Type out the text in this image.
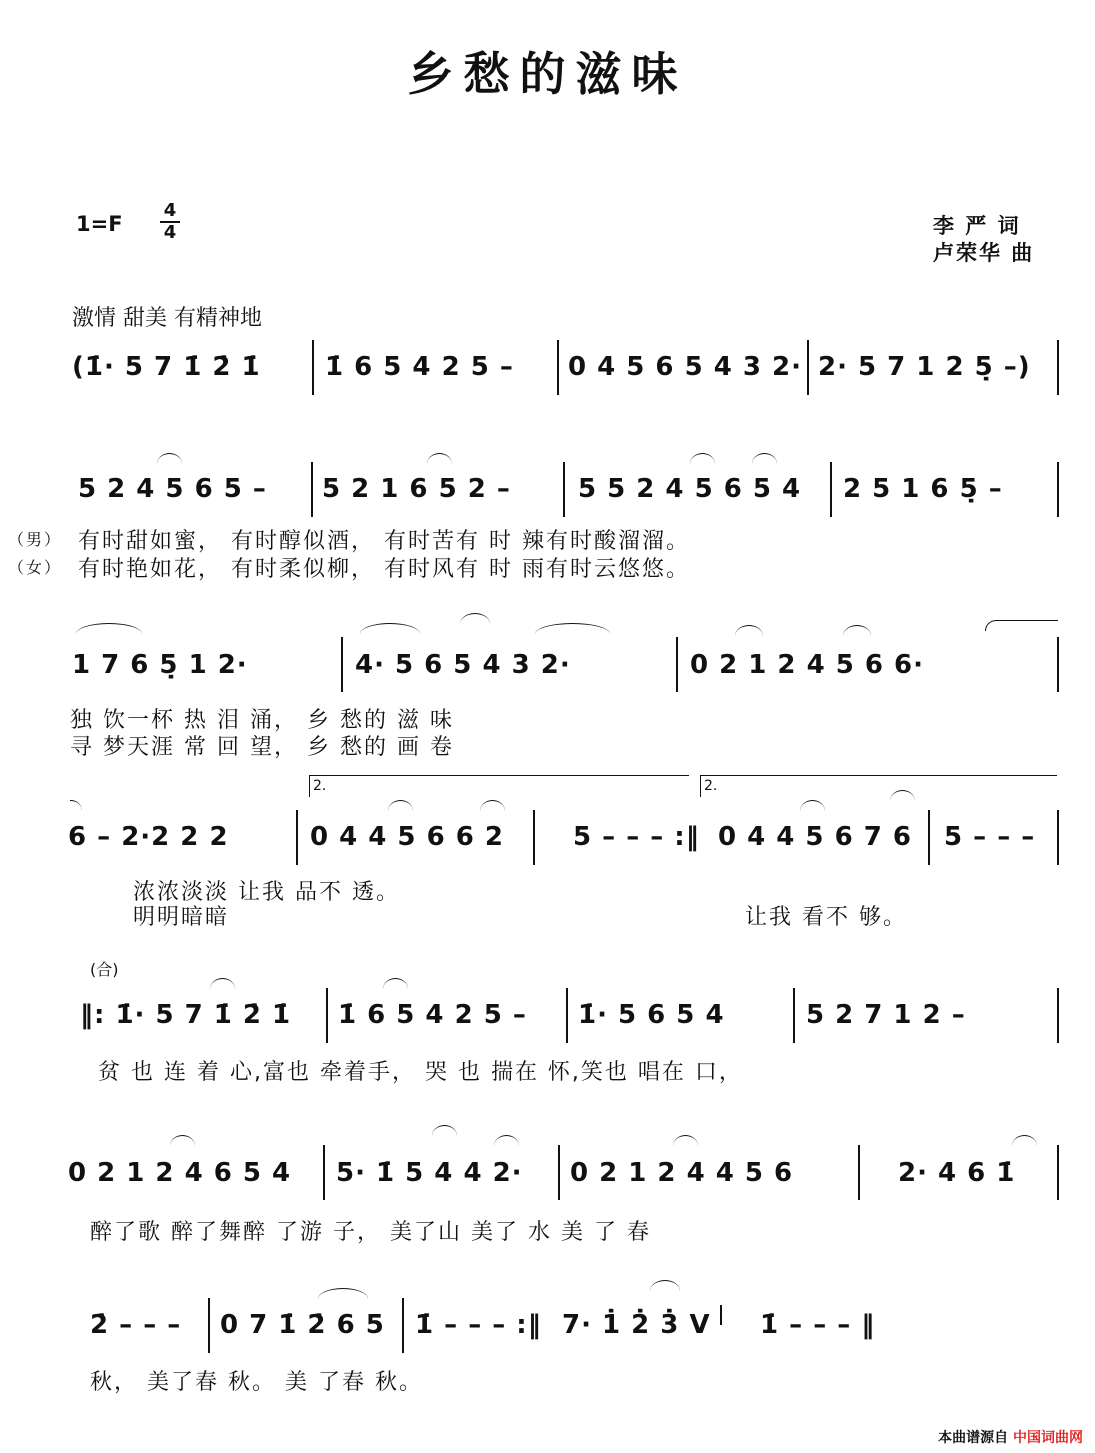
乡愁的滋味
1=F
4
4	李 严 词
卢荣华 曲
激情 甜美 有精神地
(1̇· 5 7 1̇ 2̇ 1̇ 1̇ 6 5 4 2 5 – 0 4 5 6 5 4 3 2· 2· 5 7 1 2 5̣ –)
5 2 4 5 6 5 – 5 2 1 6 5 2 –	5 5 2 4 5 6 5 4 2 5 1 6 5̣ –
（男） 有时甜如蜜， 有时醇似酒， 有时苦有 时 辣有时酸溜溜。
（女） 有时艳如花， 有时柔似柳， 有时风有 时 雨有时云悠悠。
1 7 6 5̣ 1 2·	4· 5 6 5 4 3 2·	0 2 1 2 4 5 6 6·
独 饮一杯 热 泪 涌， 乡 愁的 滋 味
寻 梦天涯 常 回 望， 乡 愁的 画 卷
2.	2.
6 – 2·2 2 2	0 4 4 5 6 6 2	5 – – – :‖ 0 4 4 5 6 7 6 5 – – –
浓浓淡淡 让我 品不 透。
明明暗暗	让我 看不 够。
(合)
‖: 1̇· 5 7 1̇ 2̇ 1̇ 1̇ 6 5 4 2 5 – 1̇· 5 6 5 4	5 2 7 1 2 –
贫 也 连 着 心,富也 牵着手， 哭 也 揣在 怀,笑也 唱在 口，
0 2 1 2 4 6 5 4 5· 1̇ 5 4 4 2· 0 2 1 2 4 4 5 6	2· 4 6 1̇
醉了歌 醉了舞醉 了游 子， 美了山 美了 水 美 了 春
2̇ – – – 0 7 1̇ 2̇ 6 5 1̇ – – – :‖ 7· 1̇ 2̇ 3̇ V 1̇ – – – ‖
秋， 美了春 秋。 美 了春 秋。
本曲谱源自 中国词曲网
